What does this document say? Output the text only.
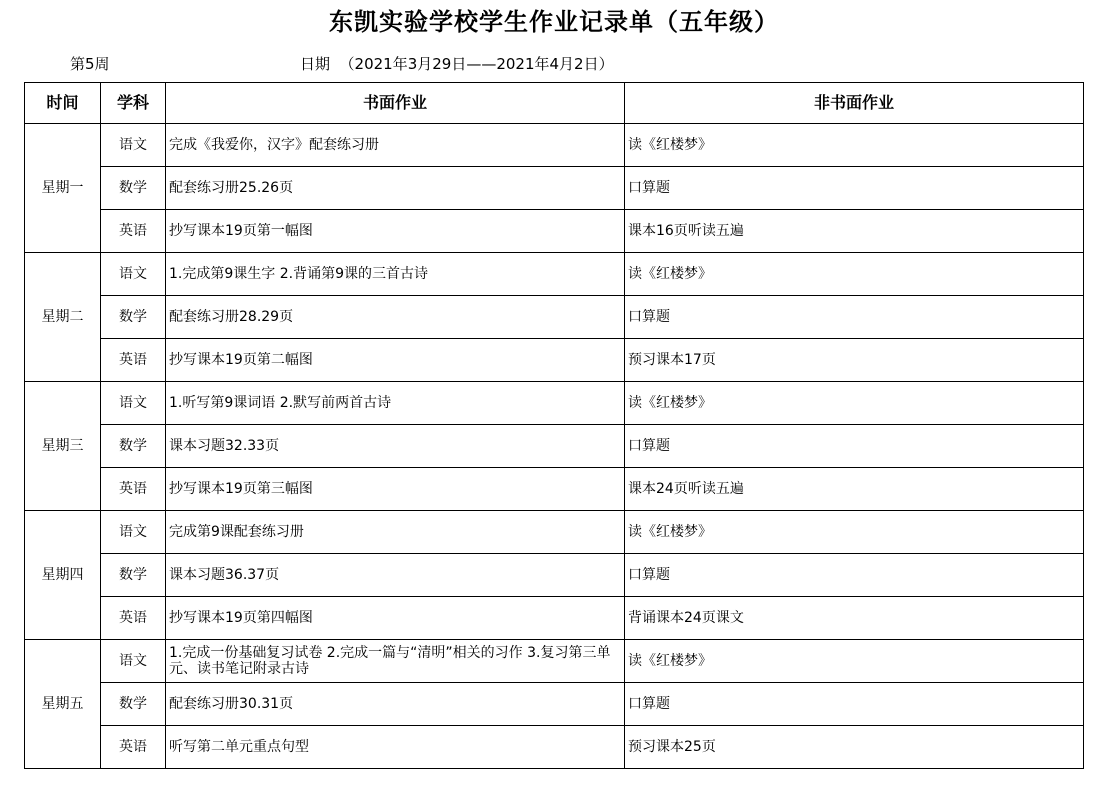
东凯实验学校学生作业记录单（五年级）
第5周	日期  （2021年3月29日——2021年4月2日）
时间	学科	书面作业	非书面作业
星期一	语文	完成《我爱你，汉字》配套练习册	读《红楼梦》
	数学	配套练习册25.26页	口算题
	英语	抄写课本19页第一幅图	课本16页听读五遍
星期二	语文	1.完成第9课生字 2.背诵第9课的三首古诗	读《红楼梦》
	数学	配套练习册28.29页	口算题
	英语	抄写课本19页第二幅图	预习课本17页
星期三	语文	1.听写第9课词语 2.默写前两首古诗	读《红楼梦》
	数学	课本习题32.33页	口算题
	英语	抄写课本19页第三幅图	课本24页听读五遍
星期四	语文	完成第9课配套练习册	读《红楼梦》
	数学	课本习题36.37页	口算题
	英语	抄写课本19页第四幅图	背诵课本24页课文
星期五	语文	1.完成一份基础复习试卷 2.完成一篇与“清明”相关的习作 3.复习第三单元、读书笔记附录古诗	读《红楼梦》
	数学	配套练习册30.31页	口算题
	英语	听写第二单元重点句型	预习课本25页
